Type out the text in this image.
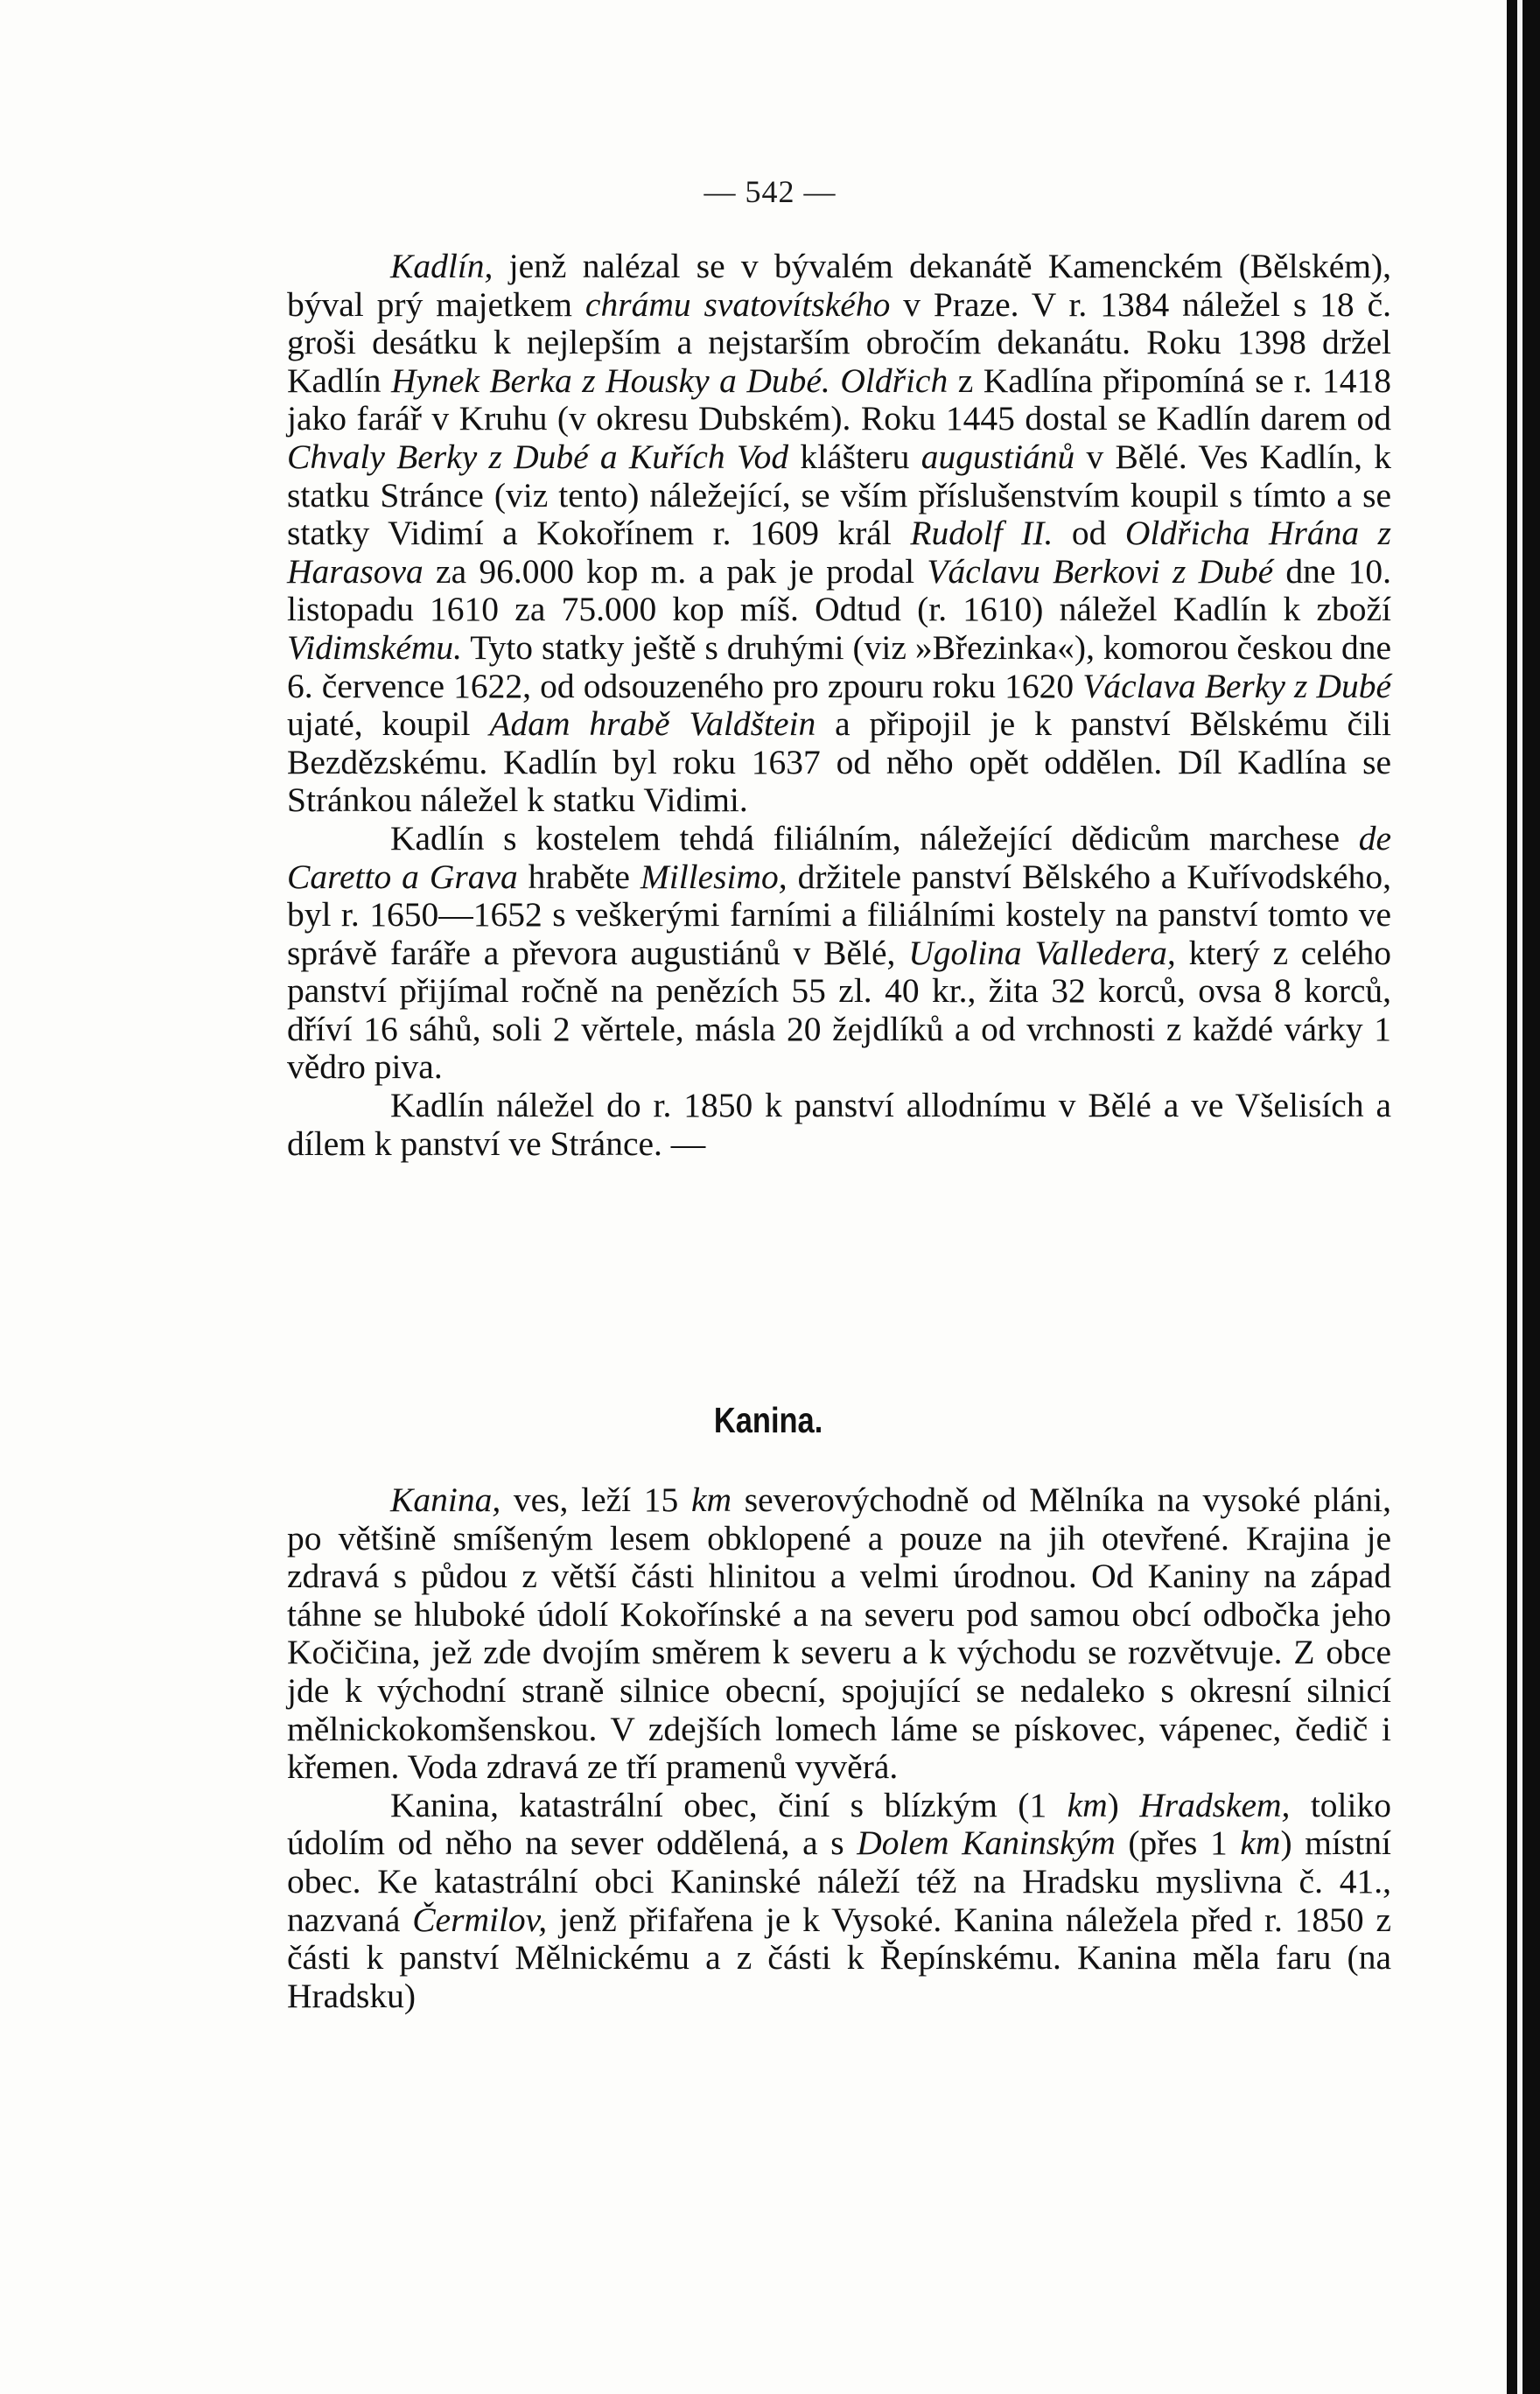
— 542 —

Kadlín, jenž nalézal se v bývalém dekanátě Kamenckém (Bělském), býval prý majetkem chrámu svatovítského v Praze. V r. 1384 náležel s 18 č. groši desátku k nejlepším a nejstarším obročím dekanátu. Roku 1398 držel Kadlín Hynek Berka z Housky a Dubé. Oldřich z Kadlína připomíná se r. 1418 jako farář v Kruhu (v okresu Dubském). Roku 1445 dostal se Kadlín darem od Chvaly Berky z Dubé a Kuřích Vod klášteru augustiánů v Bělé. Ves Kadlín, k statku Stránce (viz tento) náležející, se vším příslušenstvím koupil s tímto a se statky Vidimí a Kokořínem r. 1609 král Rudolf II. od Oldřicha Hrána z Harasova za 96.000 kop m. a pak je prodal Václavu Berkovi z Dubé dne 10. listopadu 1610 za 75.000 kop míš. Odtud (r. 1610) náležel Kadlín k zboží Vidimskému. Tyto statky ještě s druhými (viz »Březinka«), komorou českou dne 6. července 1622, od odsouzeného pro zpouru roku 1620 Václava Berky z Dubé ujaté, koupil Adam hrabě Valdštein a připojil je k panství Bělskému čili Bezdězskému. Kadlín byl roku 1637 od něho opět oddělen. Díl Kadlína se Stránkou náležel k statku Vidimi.

Kadlín s kostelem tehdá filiálním, náležející dědicům marchese de Caretto a Grava hraběte Millesimo, držitele panství Bělského a Kuřívodského, byl r. 1650—1652 s veškerými farními a filiálními kostely na panství tomto ve správě faráře a převora augustiánů v Bělé, Ugolina Valledera, který z celého panství přijímal ročně na penězích 55 zl. 40 kr., žita 32 korců, ovsa 8 korců, dříví 16 sáhů, soli 2 věrtele, másla 20 žejdlíků a od vrchnosti z každé várky 1 vědro piva.

Kadlín náležel do r. 1850 k panství allodnímu v Bělé a ve Všelisích a dílem k panství ve Stránce. —

Kanina.

Kanina, ves, leží 15 km severovýchodně od Mělníka na vysoké pláni, po většině smíšeným lesem obklopené a pouze na jih otevřené. Krajina je zdravá s půdou z větší části hlinitou a velmi úrodnou. Od Kaniny na západ táhne se hluboké údolí Kokořínské a na severu pod samou obcí odbočka jeho Kočičina, jež zde dvojím směrem k severu a k východu se rozvětvuje. Z obce jde k východní straně silnice obecní, spojující se nedaleko s okresní silnicí mělnickokomšenskou. V zdejších lomech láme se pískovec, vápenec, čedič i křemen. Voda zdravá ze tří pramenů vyvěrá.

Kanina, katastrální obec, činí s blízkým (1 km) Hradskem, toliko údolím od něho na sever oddělená, a s Dolem Kaninským (přes 1 km) místní obec. Ke katastrální obci Kaninské náleží též na Hradsku myslivna č. 41., nazvaná Čermilov, jenž přifařena je k Vysoké. Kanina náležela před r. 1850 z části k panství Mělnickému a z části k Řepínskému. Kanina měla faru (na Hradsku)
